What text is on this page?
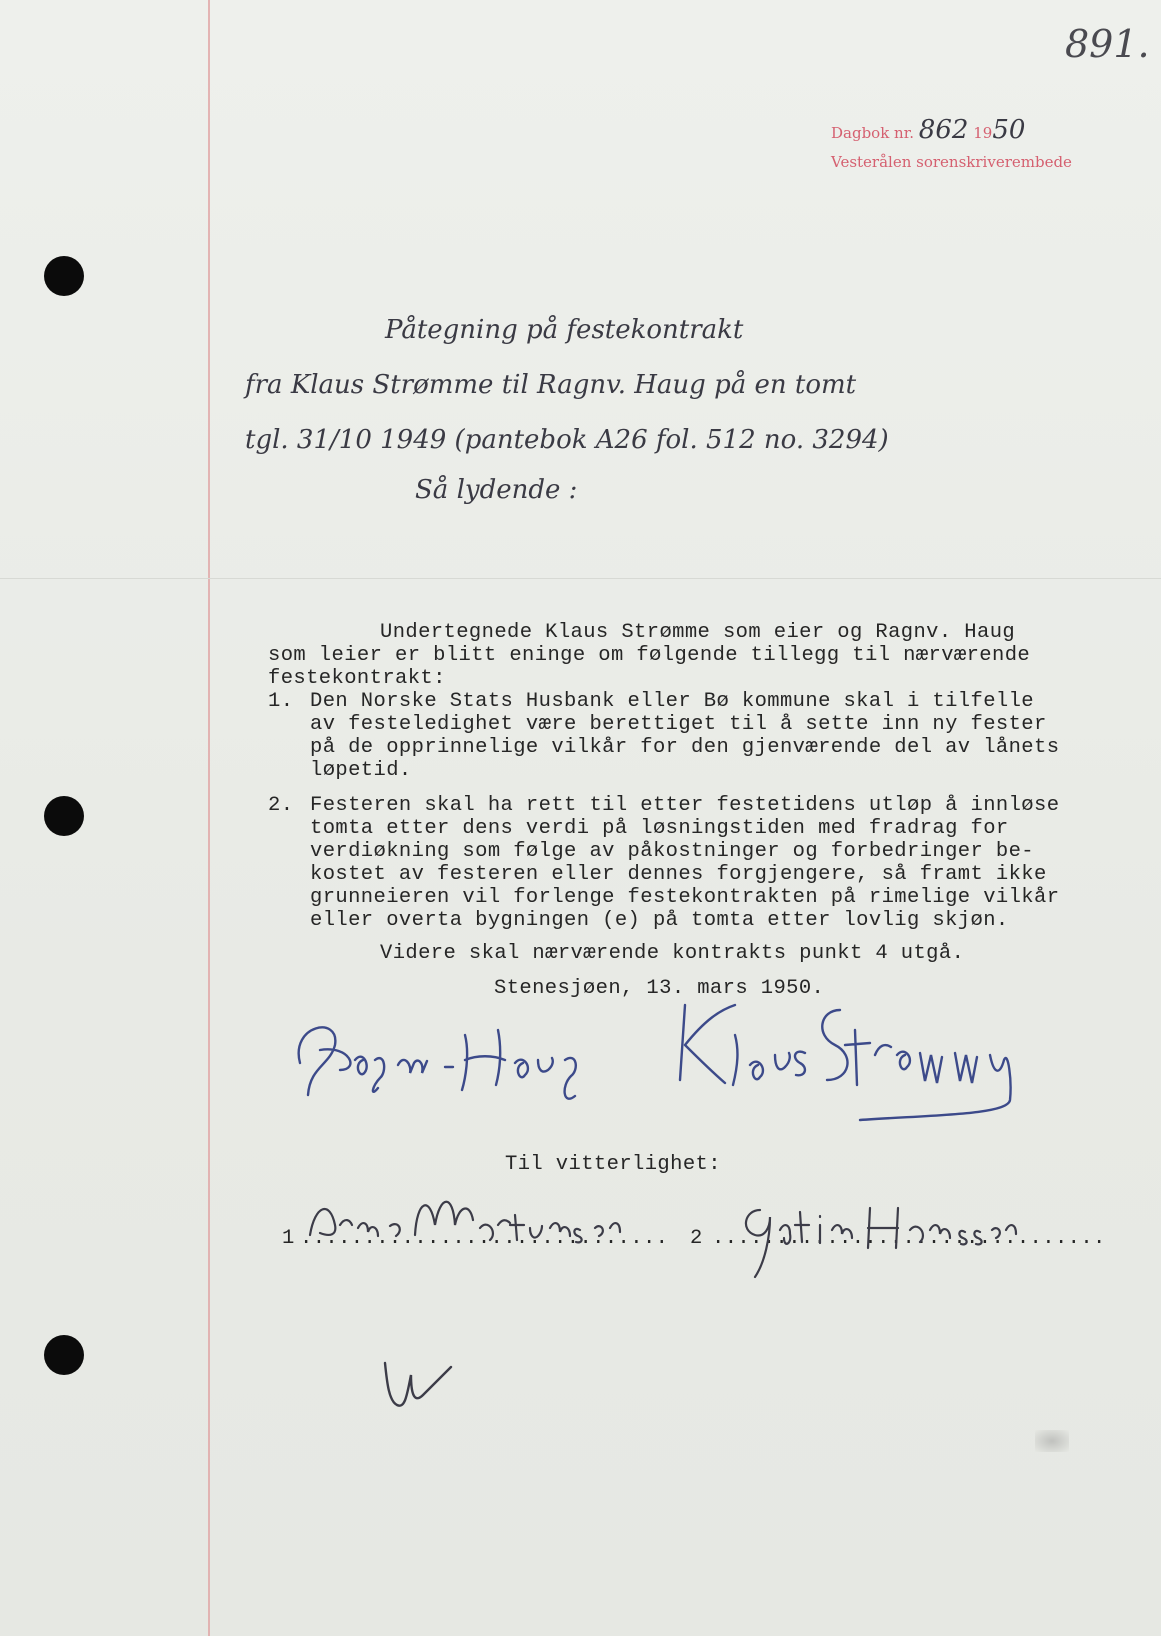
891.
Dagbok nr. 862 1950
Vesterålen sorenskriverembede
Påtegning på festekontrakt
fra Klaus Strømme til Ragnv. Haug på en tomt
tgl. 31/10 1949 (pantebok A26 fol. 512 no. 3294)
Så lydende :
Undertegnede Klaus Strømme som eier og Ragnv. Haug
som leier er blitt eninge om følgende tillegg til nærværende
festekontrakt:
1. Den Norske Stats Husbank eller Bø kommune skal i tilfelle
av festeledighet være berettiget til å sette inn ny fester
på de opprinnelige vilkår for den gjenværende del av lånets
løpetid.
2. Festeren skal ha rett til etter festetidens utløp å innløse
tomta etter dens verdi på løsningstiden med fradrag for
verdiøkning som følge av påkostninger og forbedringer be-
kostet av festeren eller dennes forgjengere, så framt ikke
grunneieren vil forlenge festekontrakten på rimelige vilkår
eller overta bygningen (e) på tomta etter lovlig skjøn.
Videre skal nærværende kontrakts punkt 4 utgå.
Stenesjøen, 13. mars 1950.
Til vitterlighet:
1 ............................. 2 ...............................
